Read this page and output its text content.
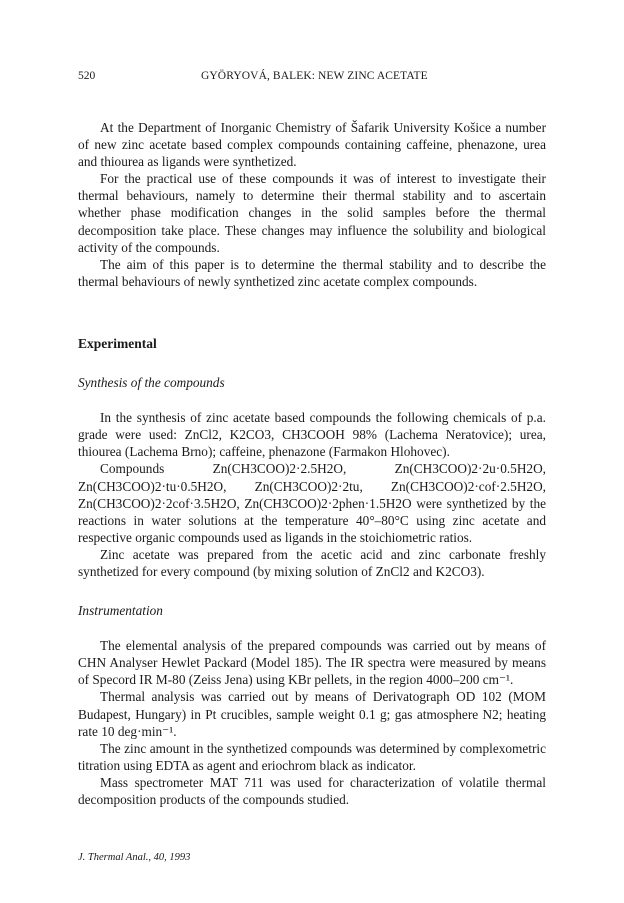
520	GYÖRYOVÁ, BALEK: NEW ZINC ACETATE

At the Department of Inorganic Chemistry of Šafarik University Košice a number of new zinc acetate based complex compounds containing caffeine, phenazone, urea and thiourea as ligands were synthetized.

For the practical use of these compounds it was of interest to investigate their thermal behaviours, namely to determine their thermal stability and to ascertain whether phase modification changes in the solid samples before the thermal decomposition take place. These changes may influence the solubility and biological activity of the compounds.

The aim of this paper is to determine the thermal stability and to describe the thermal behaviours of newly synthetized zinc acetate complex compounds.

Experimental

Synthesis of the compounds

In the synthesis of zinc acetate based compounds the following chemicals of p.a. grade were used: ZnCl2, K2CO3, CH3COOH 98% (Lachema Neratovice); urea, thiourea (Lachema Brno); caffeine, phenazone (Farmakon Hlohovec).

Compounds Zn(CH3COO)2·2.5H2O, Zn(CH3COO)2·2u·0.5H2O, Zn(CH3COO)2·tu·0.5H2O, Zn(CH3COO)2·2tu, Zn(CH3COO)2·cof·2.5H2O, Zn(CH3COO)2·2cof·3.5H2O, Zn(CH3COO)2·2phen·1.5H2O were synthetized by the reactions in water solutions at the temperature 40°–80°C using zinc acetate and respective organic compounds used as ligands in the stoichiometric ratios.

Zinc acetate was prepared from the acetic acid and zinc carbonate freshly synthetized for every compound (by mixing solution of ZnCl2 and K2CO3).

Instrumentation

The elemental analysis of the prepared compounds was carried out by means of CHN Analyser Hewlet Packard (Model 185). The IR spectra were measured by means of Specord IR M-80 (Zeiss Jena) using KBr pellets, in the region 4000–200 cm⁻¹.

Thermal analysis was carried out by means of Derivatograph OD 102 (MOM Budapest, Hungary) in Pt crucibles, sample weight 0.1 g; gas atmosphere N2; heating rate 10 deg·min⁻¹.

The zinc amount in the synthetized compounds was determined by complexometric titration using EDTA as agent and eriochrom black as indicator.

Mass spectrometer MAT 711 was used for characterization of volatile thermal decomposition products of the compounds studied.

J. Thermal Anal., 40, 1993
